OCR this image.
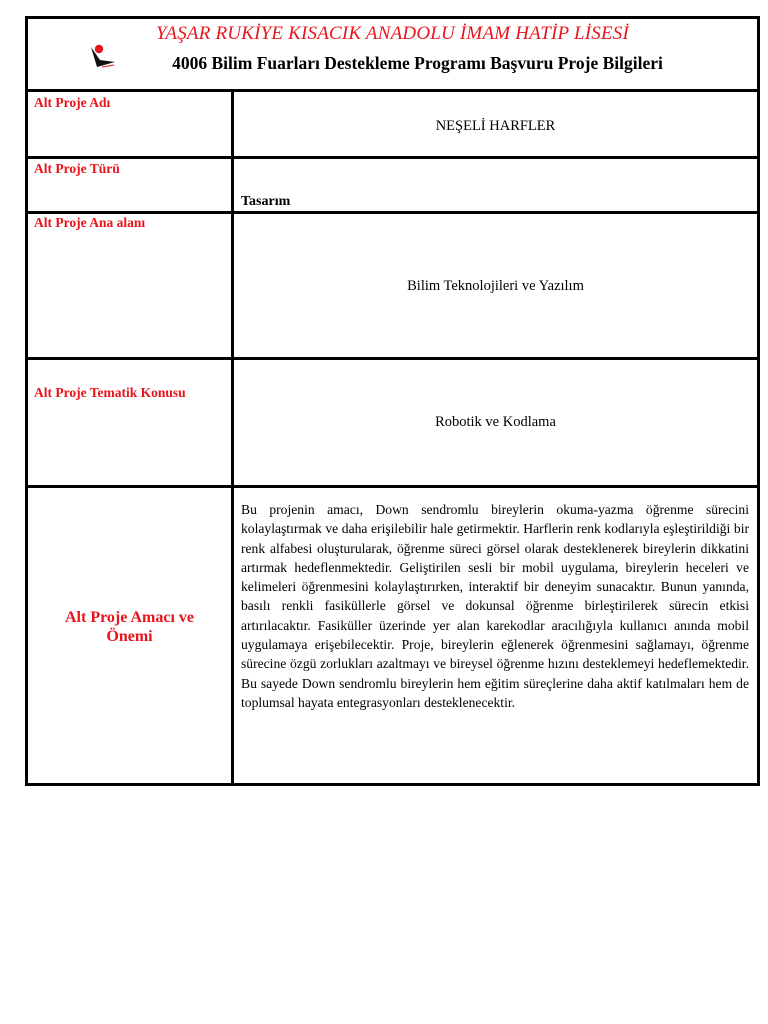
YAŞAR RUKİYE KISACIK ANADOLU İMAM HATİP LİSESİ
4006 Bilim Fuarları Destekleme Programı Başvuru Proje Bilgileri
Alt Proje Adı
NEŞELİ HARFLER
Alt Proje Türü
Tasarım
Alt Proje Ana alanı
Bilim Teknolojileri ve Yazılım
Alt Proje Tematik Konusu
Robotik ve Kodlama
Alt Proje Amacı ve Önemi
Bu projenin amacı, Down sendromlu bireylerin okuma-yazma öğrenme sürecini kolaylaştırmak ve daha erişilebilir hale getirmektir. Harflerin renk kodlarıyla eşleştirildiği bir renk alfabesi oluşturularak, öğrenme süreci görsel olarak desteklenerek bireylerin dikkatini artırmak hedeflenmektedir. Geliştirilen sesli bir mobil uygulama, bireylerin heceleri ve kelimeleri öğrenmesini kolaylaştırırken, interaktif bir deneyim sunacaktır. Bunun yanında, basılı renkli fasiküllerle görsel ve dokunsal öğrenme birleştirilerek sürecin etkisi artırılacaktır. Fasiküller üzerinde yer alan karekodlar aracılığıyla kullanıcı anında mobil uygulamaya erişebilecektir. Proje, bireylerin eğlenerek öğrenmesini sağlamayı, öğrenme sürecine özgü zorlukları azaltmayı ve bireysel öğrenme hızını desteklemeyi hedeflemektedir. Bu sayede Down sendromlu bireylerin hem eğitim süreçlerine daha aktif katılmaları hem de toplumsal hayata entegrasyonları desteklenecektir.
